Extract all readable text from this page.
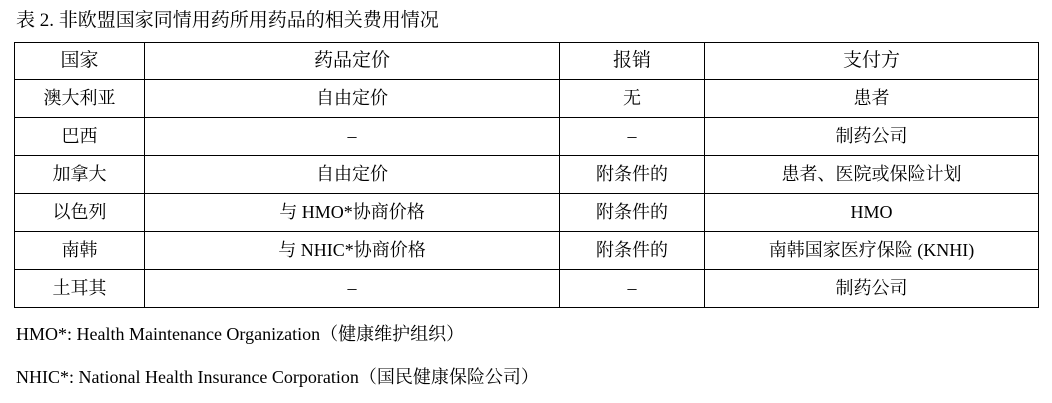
表 2. 非欧盟国家同情用药所用药品的相关费用情况
国家	药品定价	报销	支付方
澳大利亚	自由定价	无	患者
巴西	–	–	制药公司
加拿大	自由定价	附条件的	患者、医院或保险计划
以色列	与 HMO*协商价格	附条件的	HMO
南韩	与 NHIC*协商价格	附条件的	南韩国家医疗保险 (KNHI)
土耳其	–	–	制药公司
HMO*: Health Maintenance Organization（健康维护组织）
NHIC*: National Health Insurance Corporation（国民健康保险公司）
